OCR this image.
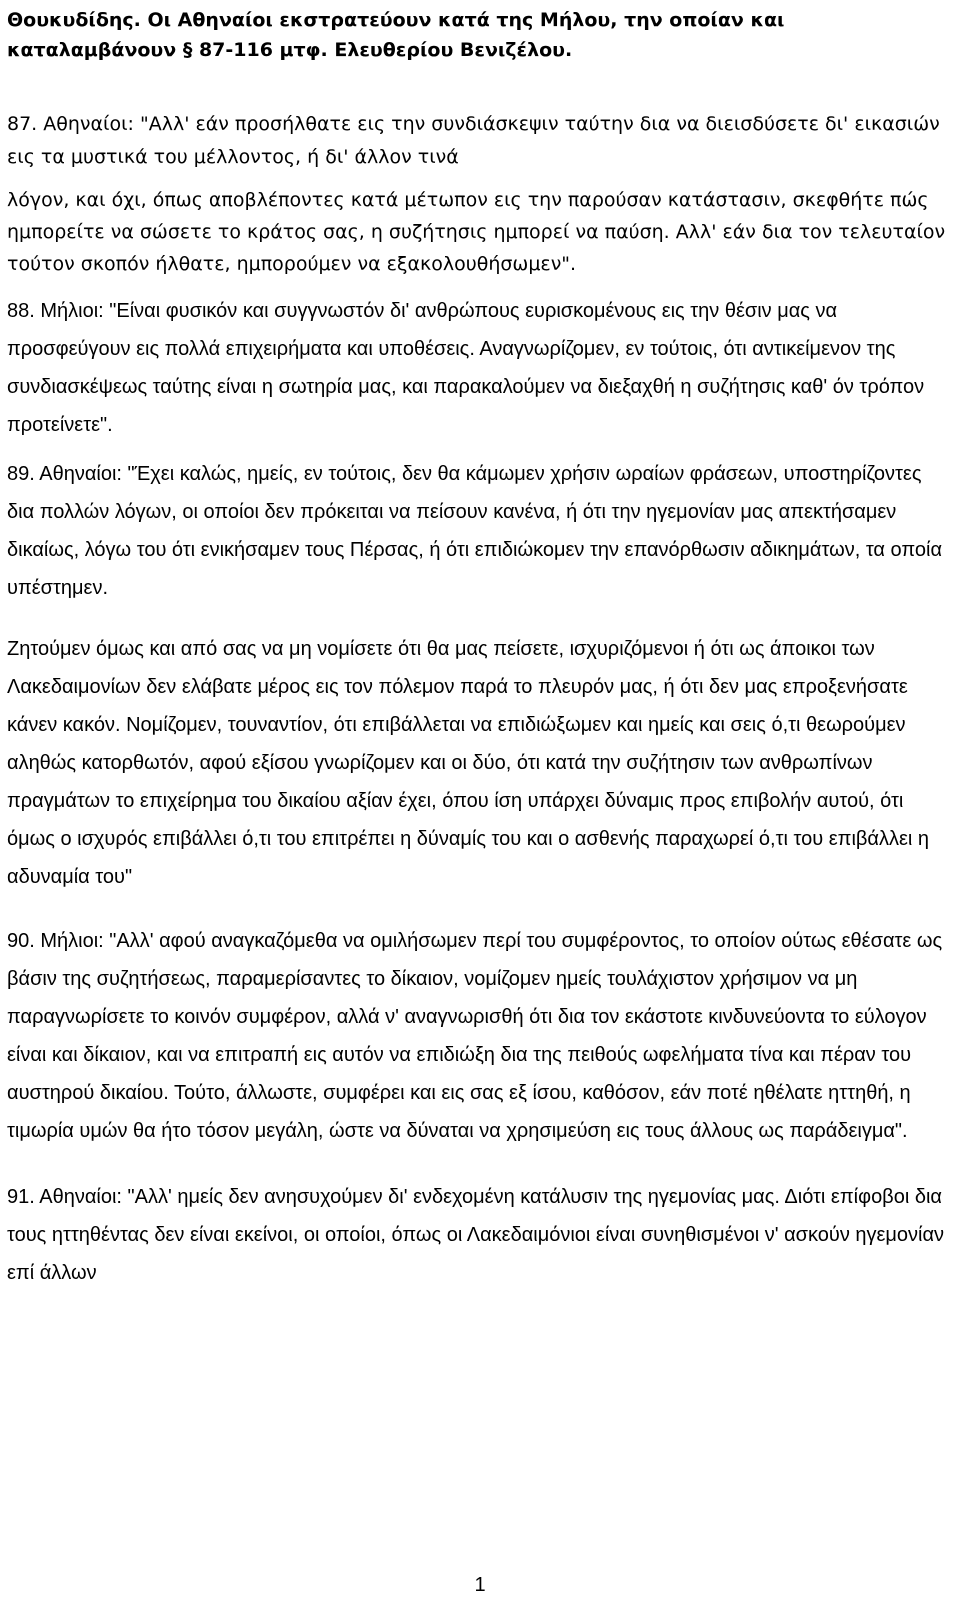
Θουκυδίδης. Οι Αθηναίοι εκστρατεύουν κατά της Μήλου, την οποίαν και καταλαμβάνουν § 87-116 μτφ. Ελευθερίου Βενιζέλου.

87. Αθηναίοι: "Αλλ' εάν προσήλθατε εις την συνδιάσκεψιν ταύτην δια να διεισδύσετε δι' εικασιών εις τα μυστικά του μέλλοντος, ή δι' άλλον τινά

λόγον, και όχι, όπως αποβλέποντες κατά μέτωπον εις την παρούσαν κατάστασιν, σκεφθήτε πώς ημπορείτε να σώσετε το κράτος σας, η συζήτησις ημπορεί να παύση. Αλλ' εάν δια τον τελευταίον τούτον σκοπόν ήλθατε, ημπορούμεν να εξακολουθήσωμεν".

88. Μήλιοι: "Είναι φυσικόν και συγγνωστόν δι' ανθρώπους ευρισκομένους εις την θέσιν μας να προσφεύγουν εις πολλά επιχειρήματα και υποθέσεις. Αναγνωρίζομεν, εν τούτοις, ότι αντικείμενον της συνδιασκέψεως ταύτης είναι η σωτηρία μας, και παρακαλούμεν να διεξαχθή η συζήτησις καθ' όν τρόπον προτείνετε".

89. Αθηναίοι: "Έχει καλώς, ημείς, εν τούτοις, δεν θα κάμωμεν χρήσιν ωραίων φράσεων, υποστηρίζοντες δια πολλών λόγων, οι οποίοι δεν πρόκειται να πείσουν κανένα, ή ότι την ηγεμονίαν μας απεκτήσαμεν δικαίως, λόγω του ότι ενικήσαμεν τους Πέρσας, ή ότι επιδιώκομεν την επανόρθωσιν αδικημάτων, τα οποία υπέστημεν.

Ζητούμεν όμως και από σας να μη νομίσετε ότι θα μας πείσετε, ισχυριζόμενοι ή ότι ως άποικοι των Λακεδαιμονίων δεν ελάβατε μέρος εις τον πόλεμον παρά το πλευρόν μας, ή ότι δεν μας επροξενήσατε κάνεν κακόν. Νομίζομεν, τουναντίον, ότι επιβάλλεται να επιδιώξωμεν και ημείς και σεις ό,τι θεωρούμεν αληθώς κατορθωτόν, αφού εξίσου γνωρίζομεν και οι δύο, ότι κατά την συζήτησιν των ανθρωπίνων πραγμάτων το επιχείρημα του δικαίου αξίαν έχει, όπου ίση υπάρχει δύναμις προς επιβολήν αυτού, ότι όμως ο ισχυρός επιβάλλει ό,τι του επιτρέπει η δύναμίς του και ο ασθενής παραχωρεί ό,τι του επιβάλλει η αδυναμία του"

90. Μήλιοι: "Αλλ' αφού αναγκαζόμεθα να ομιλήσωμεν περί του συμφέροντος, το οποίον ούτως εθέσατε ως βάσιν της συζητήσεως, παραμερίσαντες το δίκαιον, νομίζομεν ημείς τουλάχιστον χρήσιμον να μη παραγνωρίσετε το κοινόν συμφέρον, αλλά ν' αναγνωρισθή ότι δια τον εκάστοτε κινδυνεύοντα το εύλογον είναι και δίκαιον, και να επιτραπή εις αυτόν να επιδιώξη δια της πειθούς ωφελήματα τίνα και πέραν του αυστηρού δικαίου. Τούτο, άλλωστε, συμφέρει και εις σας εξ ίσου, καθόσον, εάν ποτέ ηθέλατε ηττηθή, η τιμωρία υμών θα ήτο τόσον μεγάλη, ώστε να δύναται να χρησιμεύση εις τους άλλους ως παράδειγμα".

91. Αθηναίοι: "Αλλ' ημείς δεν ανησυχούμεν δι' ενδεχομένη κατάλυσιν της ηγεμονίας μας. Διότι επίφοβοι δια τους ηττηθέντας δεν είναι εκείνοι, οι οποίοι, όπως οι Λακεδαιμόνιοι είναι συνηθισμένοι ν' ασκούν ηγεμονίαν επί άλλων

1
